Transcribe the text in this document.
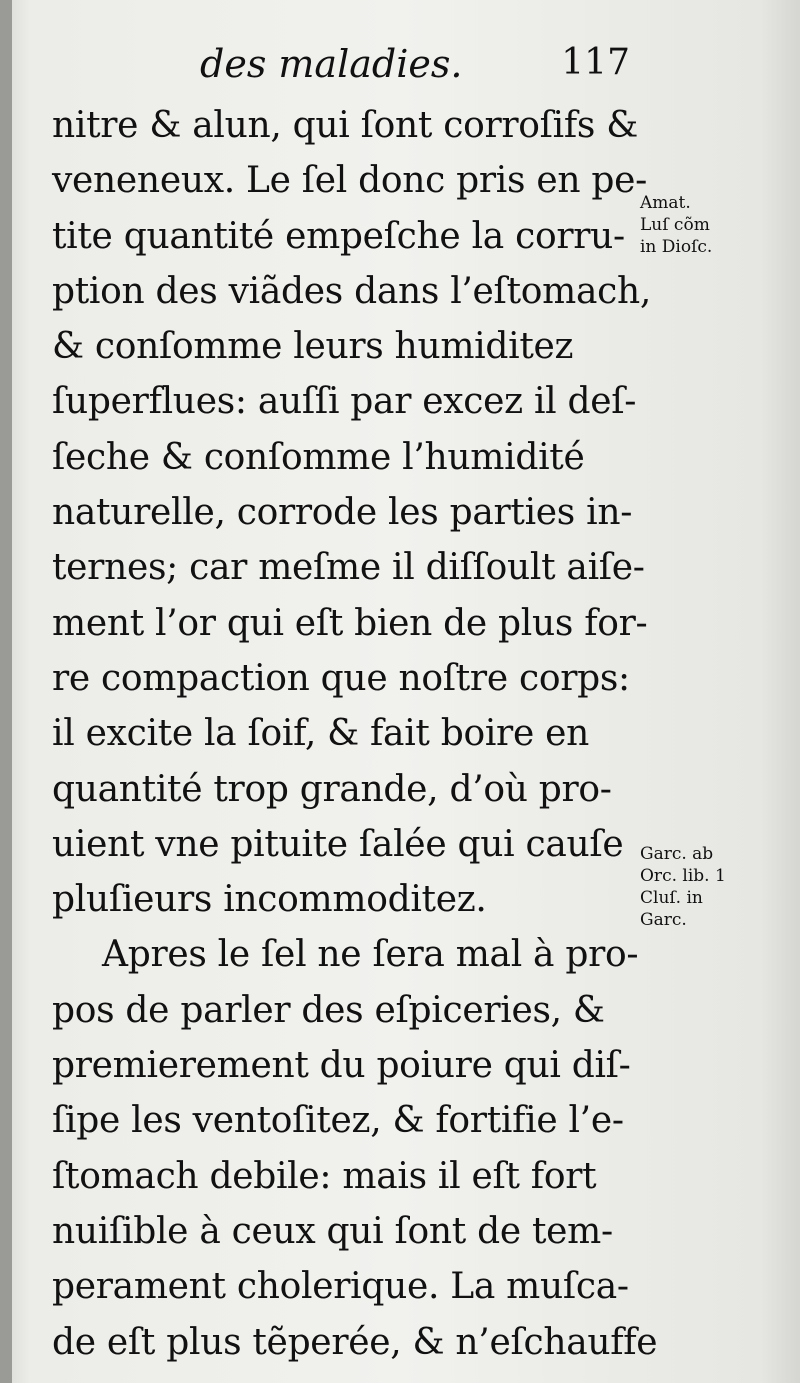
des maladies.	117
nitre & alun, qui ſont corroſifs &
veneneux. Le ſel donc pris en pe-
tite quantité empeſche la corru-
ption des viãdes dans l’eſtomach,
& conſomme leurs humiditez
ſuperflues: auſſi par excez il deſ-
ſeche & conſomme l’humidité
naturelle, corrode les parties in-
ternes; car meſme il diſſoult aiſe-
ment l’or qui eſt bien de plus for-
re compaction que noſtre corps:
il excite la ſoif, & fait boire en
quantité trop grande, d’où pro-
uient vne pituite ſalée qui cauſe
pluſieurs incommoditez.
Apres le ſel ne ſera mal à pro-
pos de parler des eſpiceries, &
premierement du poiure qui diſ-
ſipe les ventoſitez, & fortifie l’e-
ſtomach debile: mais il eſt fort
nuiſible à ceux qui ſont de tem-
perament cholerique. La muſca-
de eſt plus tẽperée, & n’eſchauffe
Amat.
Luſ cõm
in Dioſc.
Garc. ab
Orc. lib. 1
Cluſ. in
Garc.
